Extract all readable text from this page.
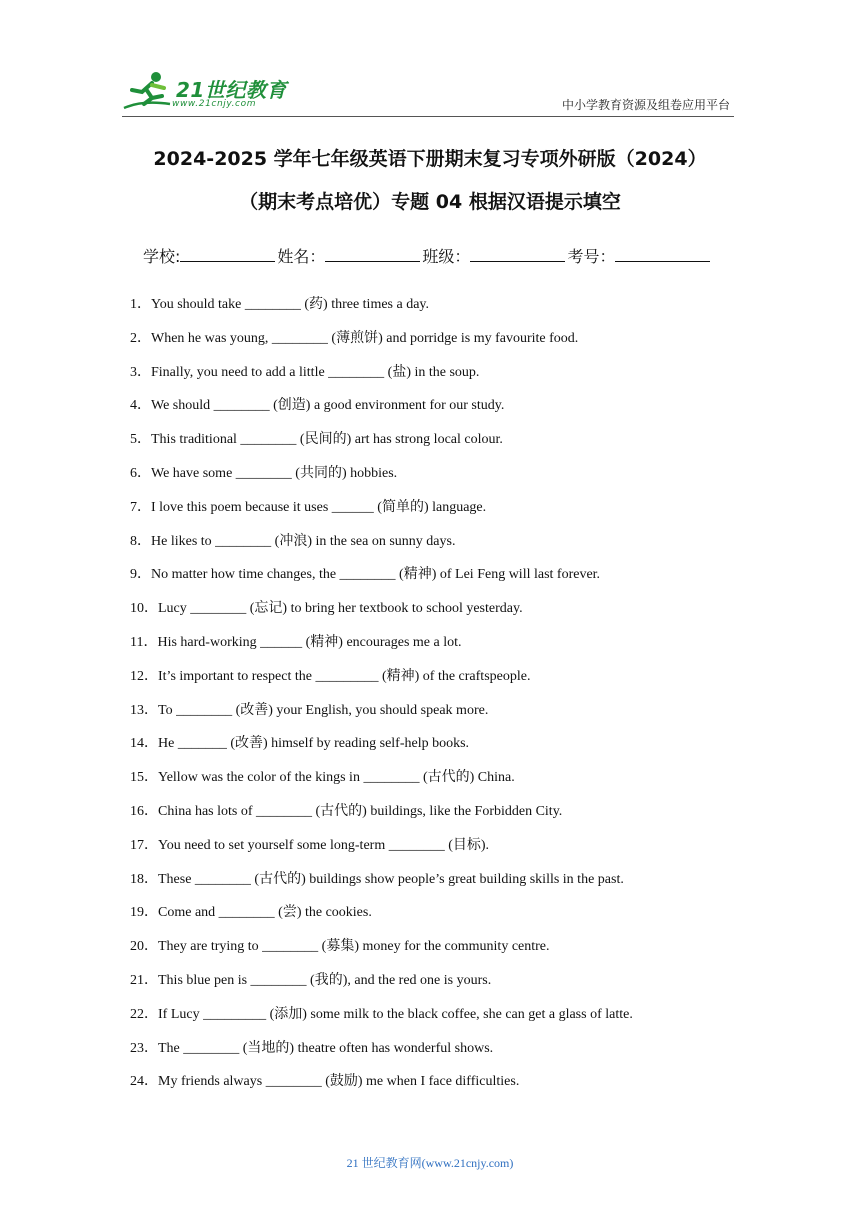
21世纪教育
www.21cnjy.com	中小学教育资源及组卷应用平台
2024-2025 学年七年级英语下册期末复习专项外研版（2024）
（期末考点培优）专题 04 根据汉语提示填空
学校:	姓名：	班级：	考号：
1．You should take ________ (药) three times a day.
2．When he was young, ________ (薄煎饼) and porridge is my favourite food.
3．Finally, you need to add a little ________ (盐) in the soup.
4．We should ________ (创造) a good environment for our study.
5．This traditional ________ (民间的) art has strong local colour.
6．We have some ________ (共同的) hobbies.
7．I love this poem because it uses ______ (简单的) language.
8．He likes to ________ (冲浪) in the sea on sunny days.
9．No matter how time changes, the ________ (精神) of Lei Feng will last forever.
10．Lucy ________ (忘记) to bring her textbook to school yesterday.
11．His hard-working ______ (精神) encourages me a lot.
12．It’s important to respect the _________ (精神) of the craftspeople.
13．To ________ (改善) your English, you should speak more.
14．He _______ (改善) himself by reading self-help books.
15．Yellow was the color of the kings in ________ (古代的) China.
16．China has lots of ________ (古代的) buildings, like the Forbidden City.
17．You need to set yourself some long-term ________ (目标).
18．These ________ (古代的) buildings show people’s great building skills in the past.
19．Come and ________ (尝) the cookies.
20．They are trying to ________ (募集) money for the community centre.
21．This blue pen is ________ (我的), and the red one is yours.
22．If Lucy _________ (添加) some milk to the black coffee, she can get a glass of latte.
23．The ________ (当地的) theatre often has wonderful shows.
24．My friends always ________ (鼓励) me when I face difficulties.
21 世纪教育网(www.21cnjy.com)
